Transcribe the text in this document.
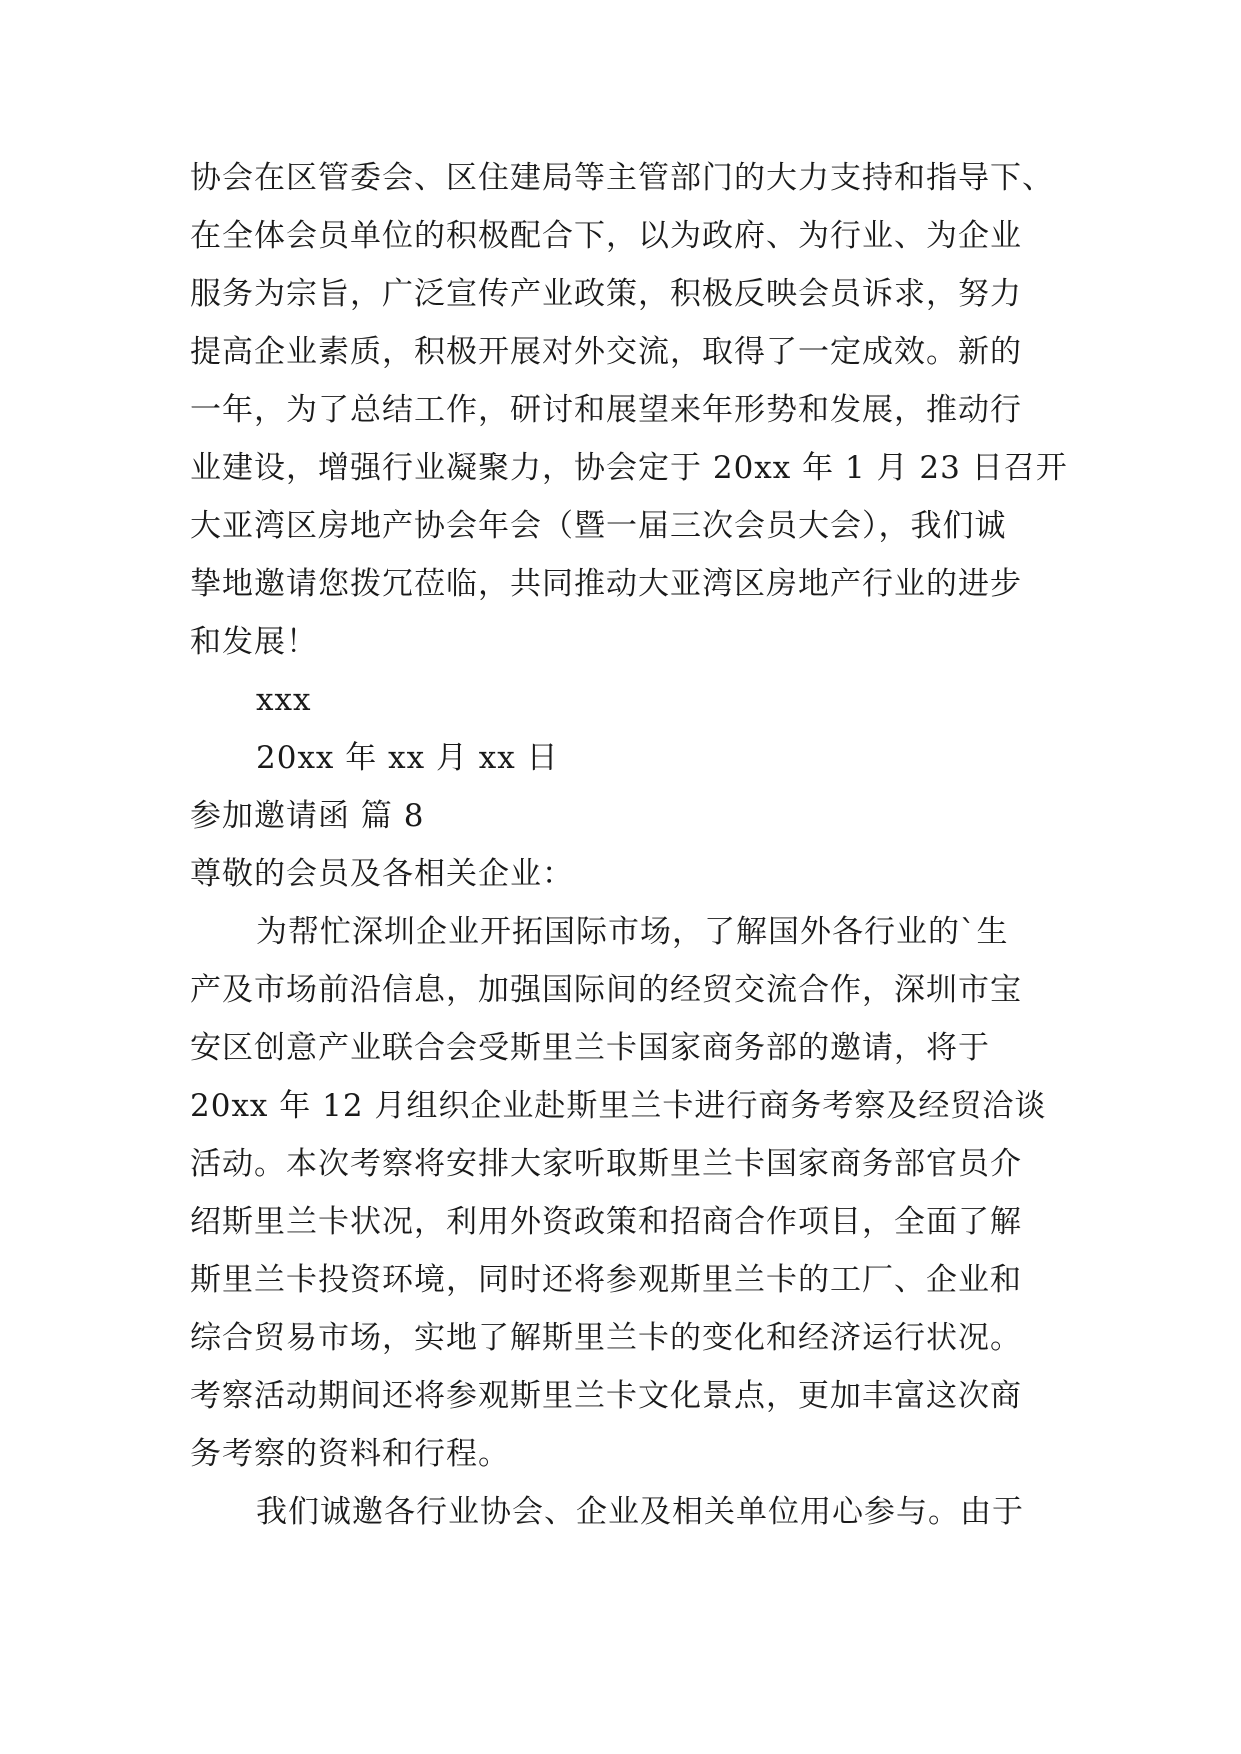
协会在区管委会、区住建局等主管部门的大力支持和指导下、
在全体会员单位的积极配合下，以为政府、为行业、为企业
服务为宗旨，广泛宣传产业政策，积极反映会员诉求，努力
提高企业素质，积极开展对外交流，取得了一定成效。新的
一年，为了总结工作，研讨和展望来年形势和发展，推动行
业建设，增强行业凝聚力，协会定于 20xx 年 1 月 23 日召开
大亚湾区房地产协会年会（暨一届三次会员大会），我们诚
挚地邀请您拨冗莅临，共同推动大亚湾区房地产行业的进步
和发展！
xxx
20xx 年 xx 月 xx 日
参加邀请函 篇 8
尊敬的会员及各相关企业：
为帮忙深圳企业开拓国际市场，了解国外各行业的`生
产及市场前沿信息，加强国际间的经贸交流合作，深圳市宝
安区创意产业联合会受斯里兰卡国家商务部的邀请，将于
20xx 年 12 月组织企业赴斯里兰卡进行商务考察及经贸洽谈
活动。本次考察将安排大家听取斯里兰卡国家商务部官员介
绍斯里兰卡状况，利用外资政策和招商合作项目，全面了解
斯里兰卡投资环境，同时还将参观斯里兰卡的工厂、企业和
综合贸易市场，实地了解斯里兰卡的变化和经济运行状况。
考察活动期间还将参观斯里兰卡文化景点，更加丰富这次商
务考察的资料和行程。
我们诚邀各行业协会、企业及相关单位用心参与。由于
